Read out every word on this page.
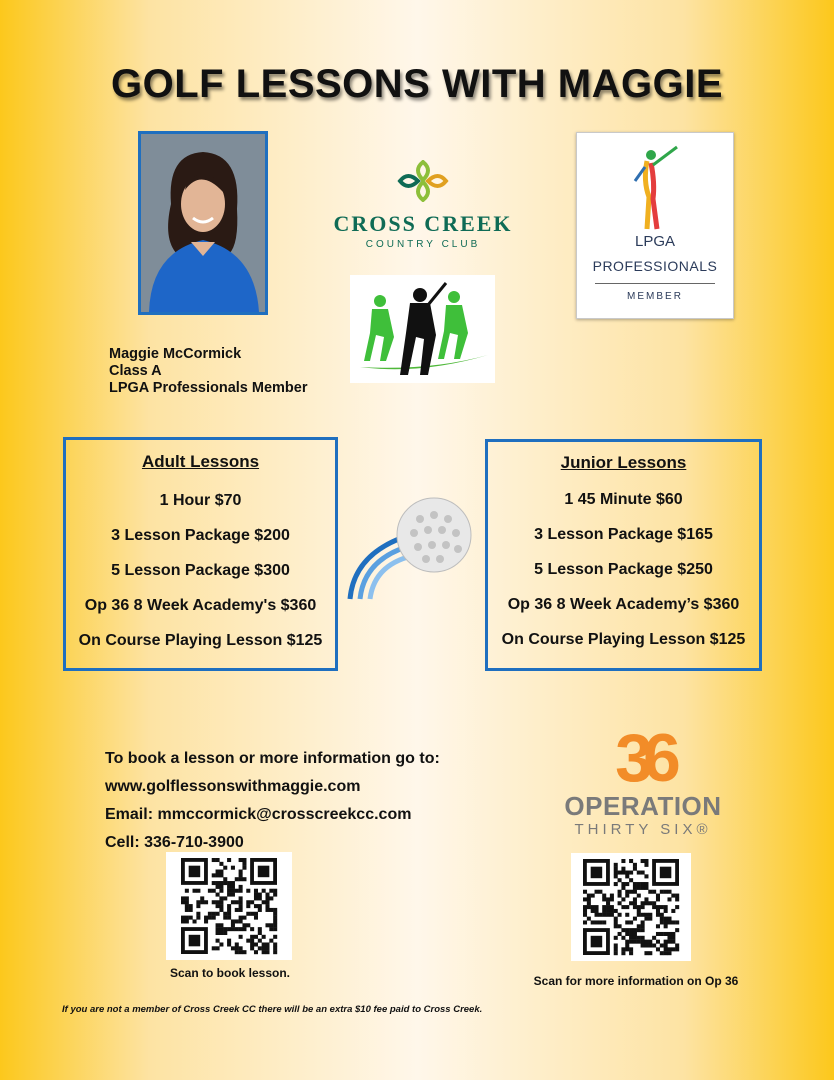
GOLF LESSONS WITH MAGGIE
CROSS CREEK
COUNTRY CLUB	LPGA
PROFESSIONALS
MEMBER
Maggie McCormick
Class A
LPGA Professionals Member
Adult Lessons
1 Hour $70
3 Lesson Package $200
5 Lesson Package $300
Op 36 8 Week Academy's $360
On Course Playing Lesson $125
Junior Lessons
1 45 Minute $60
3 Lesson Package $165
5 Lesson Package $250
Op 36 8 Week Academy’s $360
On Course Playing Lesson $125
To book a lesson or more information go to:
www.golflessonswithmaggie.com
Email: mmccormick@crosscreekcc.com
Cell: 336-710-3900
Scan to book lesson.
36
OPERATION
THIRTY SIX®
Scan for more information on Op 36
If you are not a member of Cross Creek CC there will be an extra $10 fee paid to Cross Creek.
